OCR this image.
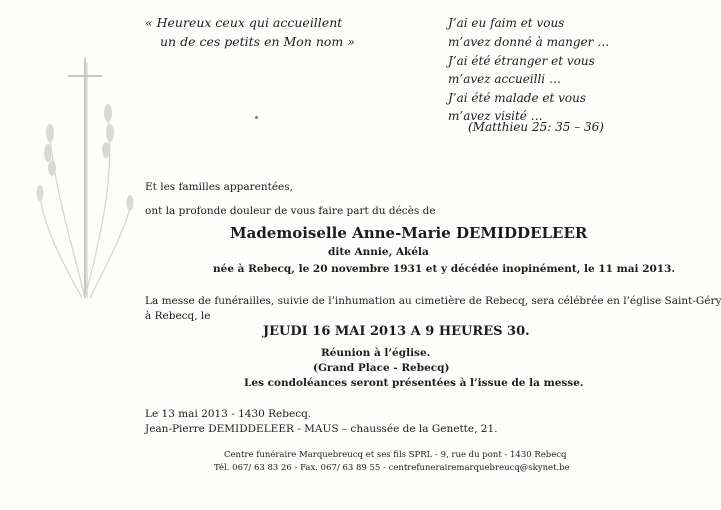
« Heureux ceux qui accueillent
un de ces petits en Mon nom »
J’ai eu faim et vous
m’avez donné à manger …
J’ai été étranger et vous
m’avez accueilli …
J’ai été malade et vous
m’avez visité …
(Matthieu 25: 35 – 36)
Et les familles apparentées,
ont la profonde douleur de vous faire part du décès de
Mademoiselle Anne-Marie DEMIDDELEER
dite Annie, Akéla
née à Rebecq, le 20 novembre 1931 et y décédée inopinément, le 11 mai 2013.
La messe de funérailles, suivie de l’inhumation au cimetière de Rebecq, sera célébrée en l’église Saint-Géry
à Rebecq, le
JEUDI 16 MAI 2013 A 9 HEURES 30.
Réunion à l’église.
(Grand Place - Rebecq)
Les condoléances seront présentées à l’issue de la messe.
Le 13 mai 2013 - 1430 Rebecq.
Jean-Pierre DEMIDDELEER - MAUS – chaussée de la Genette, 21.
Centre funéraire Marquebreucq et ses fils SPRL - 9, rue du pont - 1430 Rebecq
Tél. 067/ 63 83 26 - Fax. 067/ 63 89 55 - centrefunerairemarquebreucq@skynet.be
